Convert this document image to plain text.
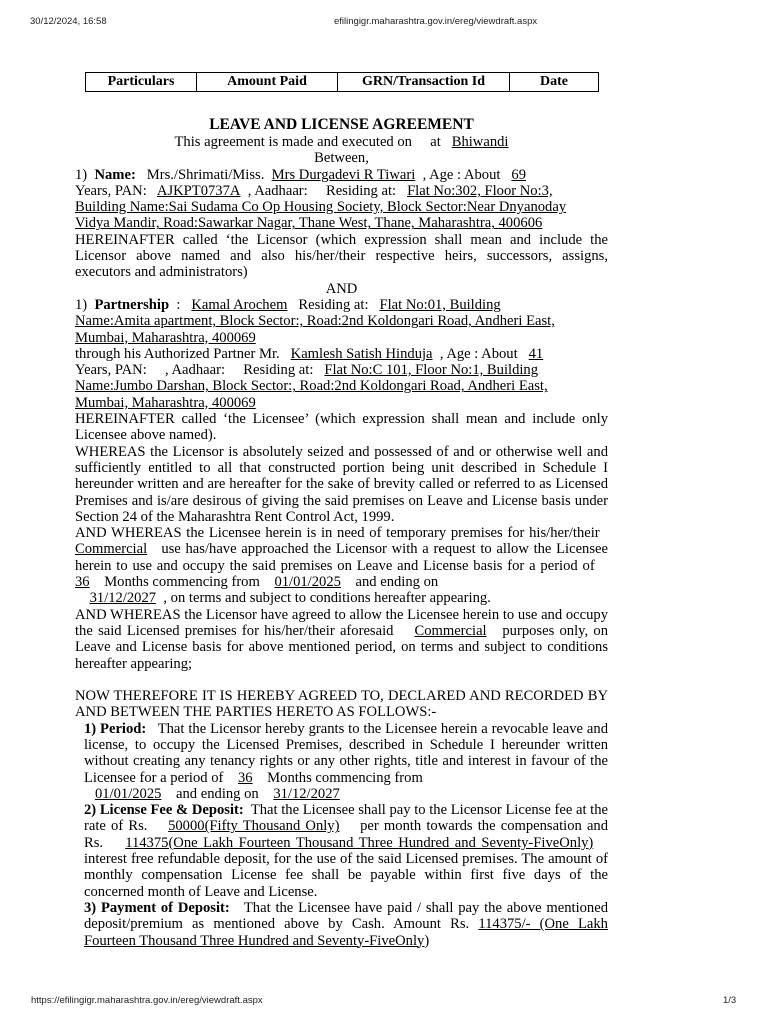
30/12/2024, 16:58	efilingigr.maharashtra.gov.in/ereg/viewdraft.aspx
Particulars	Amount Paid	GRN/Transaction Id	Date

LEAVE AND LICENSE AGREEMENT

This agreement is made and executed on at Bhiwandi

Between,

1) Name: Mrs./Shrimati/Miss. Mrs Durgadevi R Tiwari , Age : About 69
Years, PAN: AJKPT0737A , Aadhaar: Residing at: Flat No:302, Floor No:3,
Building Name:Sai Sudama Co Op Housing Society, Block Sector:Near Dnyanoday
Vidya Mandir, Road:Sawarkar Nagar, Thane West, Thane, Maharashtra, 400606

HEREINAFTER called ‘the Licensor (which expression shall mean and include the Licensor above named and also his/her/their respective heirs, successors, assigns, executors and administrators)

AND

1) Partnership : Kamal Arochem Residing at: Flat No:01, Building
Name:Amita apartment, Block Sector:, Road:2nd Koldongari Road, Andheri East,
Mumbai, Maharashtra, 400069
through his Authorized Partner Mr. Kamlesh Satish Hinduja , Age : About 41
Years, PAN: , Aadhaar: Residing at: Flat No:C 101, Floor No:1, Building
Name:Jumbo Darshan, Block Sector:, Road:2nd Koldongari Road, Andheri East,
Mumbai, Maharashtra, 400069

HEREINAFTER called ‘the Licensee’ (which expression shall mean and include only Licensee above named).

WHEREAS the Licensor is absolutely seized and possessed of and or otherwise well and sufficiently entitled to all that constructed portion being unit described in Schedule I hereunder written and are hereafter for the sake of brevity called or referred to as Licensed Premises and is/are desirous of giving the said premises on Leave and License basis under Section 24 of the Maharashtra Rent Control Act, 1999.

AND WHEREAS the Licensee herein is in need of temporary premises for his/her/their   Commercial use has/have approached the Licensor with a request to allow the Licensee herein to use and occupy the said premises on Leave and License basis for a period of    36 Months commencing from 01/01/2025 and ending on
31/12/2027 , on terms and subject to conditions hereafter appearing.

AND WHEREAS the Licensor have agreed to allow the Licensee herein to use and occupy the said Licensed premises for his/her/their aforesaid Commercial purposes only, on Leave and License basis for above mentioned period, on terms and subject to conditions hereafter appearing;

NOW THEREFORE IT IS HEREBY AGREED TO, DECLARED AND RECORDED BY AND BETWEEN THE PARTIES HERETO AS FOLLOWS:-

1) Period: That the Licensor hereby grants to the Licensee herein a revocable leave and license, to occupy the Licensed Premises, described in Schedule I hereunder written without creating any tenancy rights or any other rights, title and interest in favour of the Licensee for a period of 36 Months commencing from
01/01/2025 and ending on 31/12/2027

2) License Fee & Deposit: That the Licensee shall pay to the Licensor License fee at the rate of Rs. 50000(Fifty Thousand Only) per month towards the compensation and Rs. 114375(One Lakh Fourteen Thousand Three Hundred and Seventy-FiveOnly)    interest free refundable deposit, for the use of the said Licensed premises. The amount of monthly compensation License fee shall be payable within first five days of the concerned month of Leave and License.

3) Payment of Deposit: That the Licensee have paid / shall pay the above mentioned deposit/premium as mentioned above by Cash. Amount Rs. 114375/- (One Lakh Fourteen Thousand Three Hundred and Seventy-FiveOnly)

https://efilingigr.maharashtra.gov.in/ereg/viewdraft.aspx	1/3
